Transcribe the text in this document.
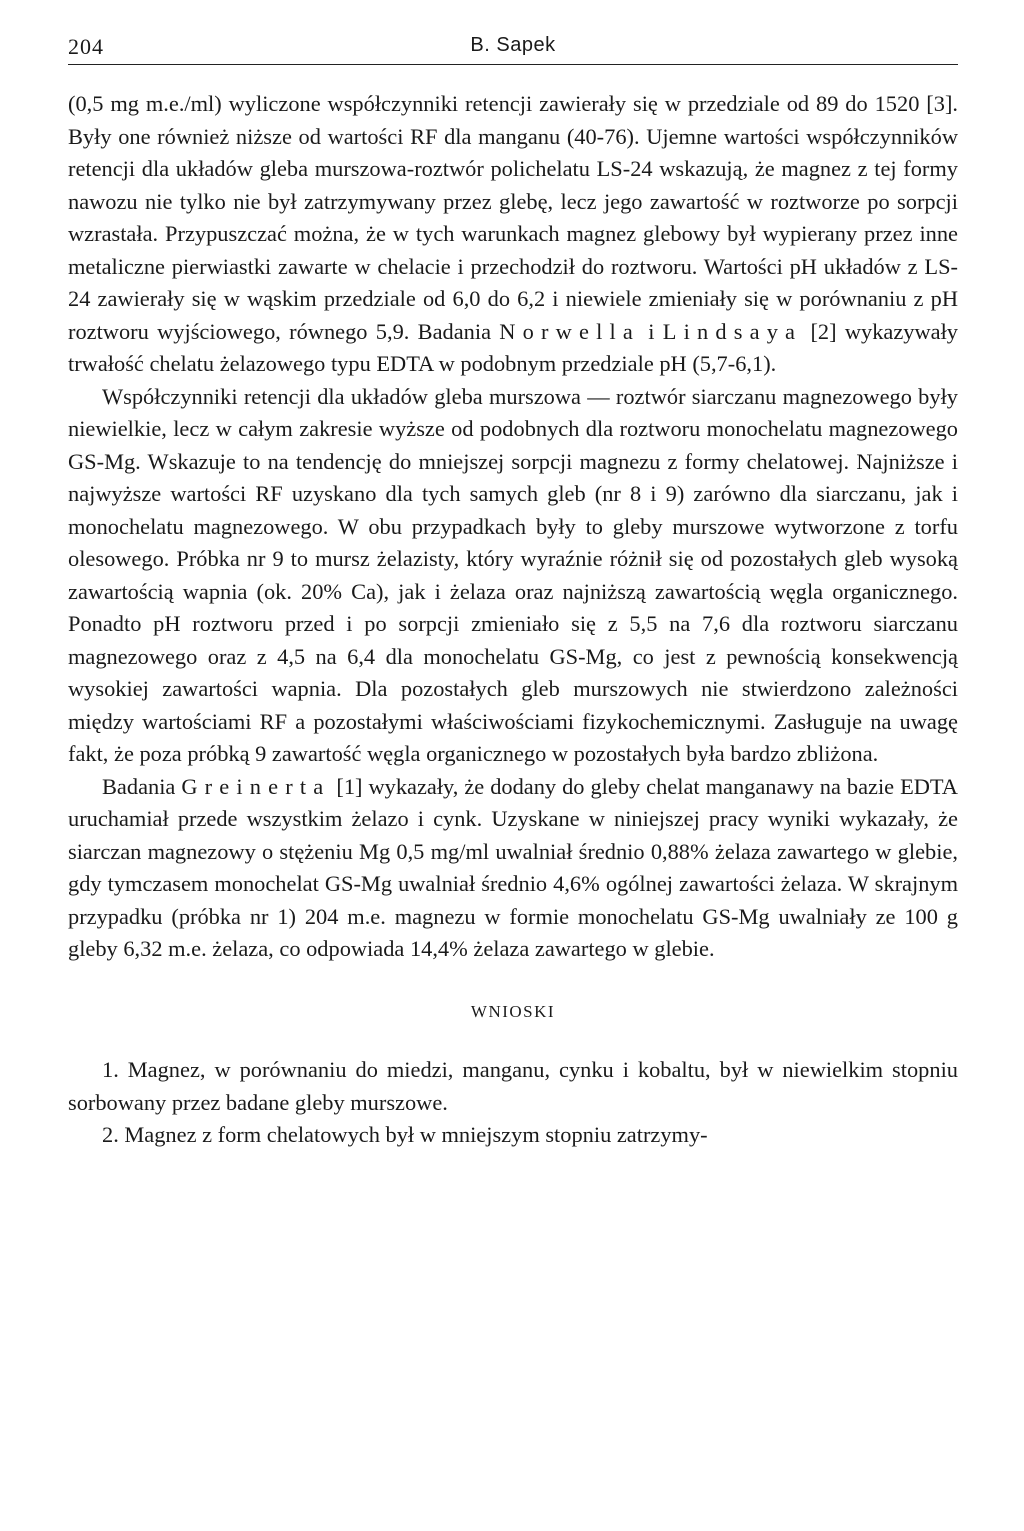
204	B. Sapek

(0,5 mg m.e./ml) wyliczone współczynniki retencji zawierały się w przedziale od 89 do 1520 [3]. Były one również niższe od wartości RF dla manganu (40-76). Ujemne wartości współczynników retencji dla układów gleba murszowa-roztwór polichelatu LS-24 wskazują, że magnez z tej formy nawozu nie tylko nie był zatrzymywany przez glebę, lecz jego zawartość w roztworze po sorpcji wzrastała. Przypuszczać można, że w tych warunkach magnez glebowy był wypierany przez inne metaliczne pierwiastki zawarte w chelacie i przechodził do roztworu. Wartości pH układów z LS-24 zawierały się w wąskim przedziale od 6,0 do 6,2 i niewiele zmieniały się w porównaniu z pH roztworu wyjściowego, równego 5,9. Badania Norwella i Lindsaya [2] wykazywały trwałość chelatu żelazowego typu EDTA w podobnym przedziale pH (5,7-6,1).

Współczynniki retencji dla układów gleba murszowa — roztwór siarczanu magnezowego były niewielkie, lecz w całym zakresie wyższe od podobnych dla roztworu monochelatu magnezowego GS-Mg. Wskazuje to na tendencję do mniejszej sorpcji magnezu z formy chelatowej. Najniższe i najwyższe wartości RF uzyskano dla tych samych gleb (nr 8 i 9) zarówno dla siarczanu, jak i monochelatu magnezowego. W obu przypadkach były to gleby murszowe wytworzone z torfu olesowego. Próbka nr 9 to mursz żelazisty, który wyraźnie różnił się od pozostałych gleb wysoką zawartością wapnia (ok. 20% Ca), jak i żelaza oraz najniższą zawartością węgla organicznego. Ponadto pH roztworu przed i po sorpcji zmieniało się z 5,5 na 7,6 dla roztworu siarczanu magnezowego oraz z 4,5 na 6,4 dla monochelatu GS-Mg, co jest z pewnością konsekwencją wysokiej zawartości wapnia. Dla pozostałych gleb murszowych nie stwierdzono zależności między wartościami RF a pozostałymi właściwościami fizykochemicznymi. Zasługuje na uwagę fakt, że poza próbką 9 zawartość węgla organicznego w pozostałych była bardzo zbliżona.

Badania Greinerta [1] wykazały, że dodany do gleby chelat manganawy na bazie EDTA uruchamiał przede wszystkim żelazo i cynk. Uzyskane w niniejszej pracy wyniki wykazały, że siarczan magnezowy o stężeniu Mg 0,5 mg/ml uwalniał średnio 0,88% żelaza zawartego w glebie, gdy tymczasem monochelat GS-Mg uwalniał średnio 4,6% ogólnej zawartości żelaza. W skrajnym przypadku (próbka nr 1) 204 m.e. magnezu w formie monochelatu GS-Mg uwalniały ze 100 g gleby 6,32 m.e. żelaza, co odpowiada 14,4% żelaza zawartego w glebie.

WNIOSKI

1. Magnez, w porównaniu do miedzi, manganu, cynku i kobaltu, był w niewielkim stopniu sorbowany przez badane gleby murszowe.

2. Magnez z form chelatowych był w mniejszym stopniu zatrzymy-
